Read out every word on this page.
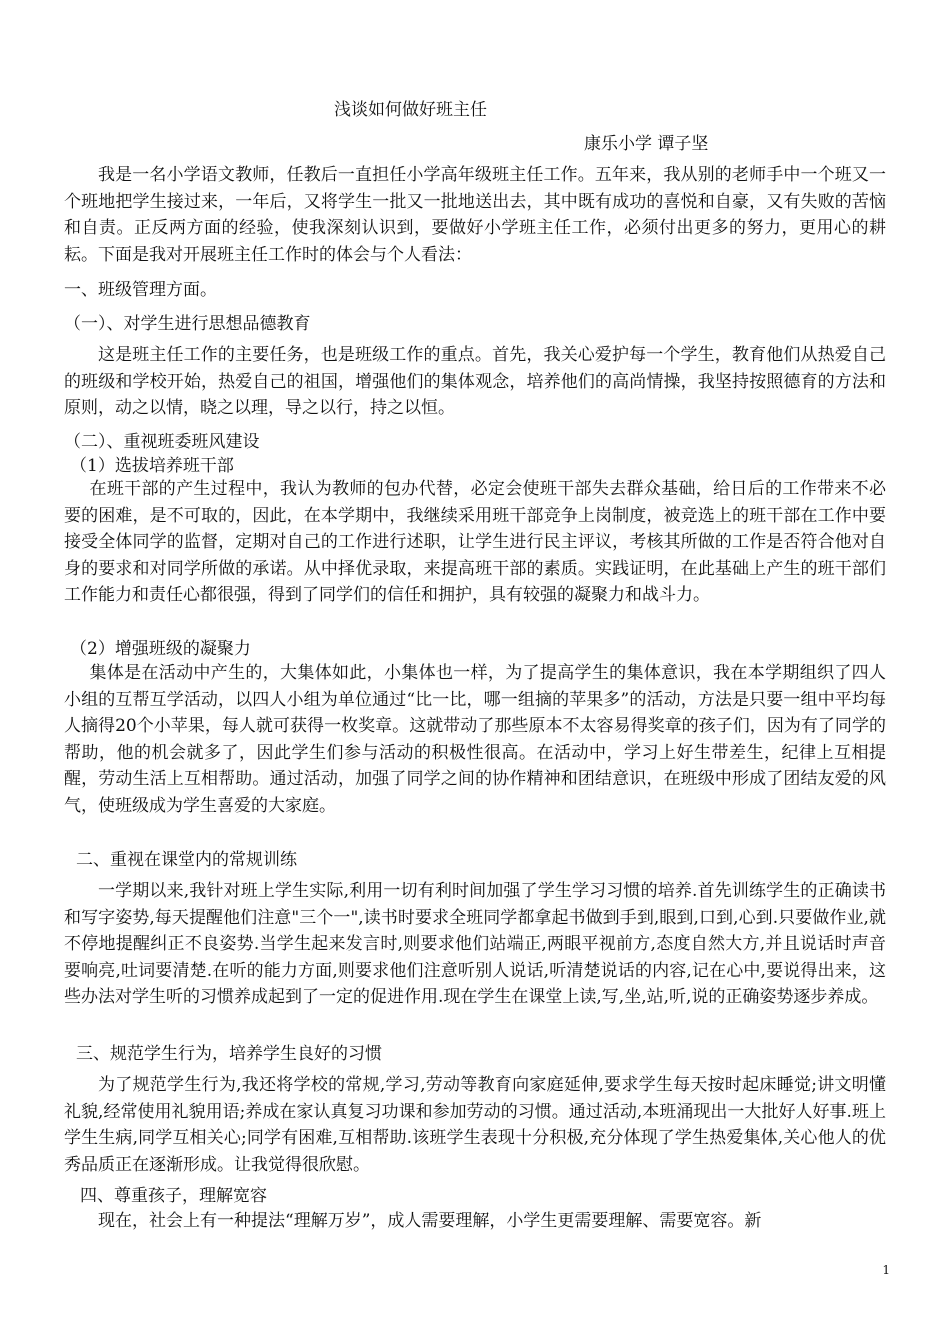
浅谈如何做好班主任
康乐小学 谭子坚

我是一名小学语文教师，任教后一直担任小学高年级班主任工作。五年来，我从别的老师手中一个班又一个班地把学生接过来，一年后，又将学生一批又一批地送出去，其中既有成功的喜悦和自豪，又有失败的苦恼和自责。正反两方面的经验，使我深刻认识到，要做好小学班主任工作，必须付出更多的努力，更用心的耕耘。下面是我对开展班主任工作时的体会与个人看法：

一、班级管理方面。
（一）、对学生进行思想品德教育

这是班主任工作的主要任务，也是班级工作的重点。首先，我关心爱护每一个学生，教育他们从热爱自己的班级和学校开始，热爱自己的祖国，增强他们的集体观念，培养他们的高尚情操，我坚持按照德育的方法和原则，动之以情，晓之以理，导之以行，持之以恒。

（二）、重视班委班风建设
（1）选拔培养班干部

在班干部的产生过程中，我认为教师的包办代替，必定会使班干部失去群众基础，给日后的工作带来不必要的困难，是不可取的，因此，在本学期中，我继续采用班干部竞争上岗制度，被竞选上的班干部在工作中要接受全体同学的监督，定期对自己的工作进行述职，让学生进行民主评议，考核其所做的工作是否符合他对自身的要求和对同学所做的承诺。从中择优录取，来提高班干部的素质。实践证明，在此基础上产生的班干部们工作能力和责任心都很强，得到了同学们的信任和拥护，具有较强的凝聚力和战斗力。

（2）增强班级的凝聚力

集体是在活动中产生的，大集体如此，小集体也一样，为了提高学生的集体意识，我在本学期组织了四人小组的互帮互学活动，以四人小组为单位通过“比一比，哪一组摘的苹果多”的活动，方法是只要一组中平均每人摘得20个小苹果，每人就可获得一枚奖章。这就带动了那些原本不太容易得奖章的孩子们，因为有了同学的帮助，他的机会就多了，因此学生们参与活动的积极性很高。在活动中，学习上好生带差生，纪律上互相提醒，劳动生活上互相帮助。通过活动，加强了同学之间的协作精神和团结意识，在班级中形成了团结友爱的风气，使班级成为学生喜爱的大家庭。

二、重视在课堂内的常规训练

一学期以来,我针对班上学生实际,利用一切有利时间加强了学生学习习惯的培养.首先训练学生的正确读书和写字姿势,每天提醒他们注意"三个一",读书时要求全班同学都拿起书做到手到,眼到,口到,心到.只要做作业,就不停地提醒纠正不良姿势.当学生起来发言时,则要求他们站端正,两眼平视前方,态度自然大方,并且说话时声音要响亮,吐词要清楚.在听的能力方面,则要求他们注意听别人说话,听清楚说话的内容,记在心中,要说得出来，这些办法对学生听的习惯养成起到了一定的促进作用.现在学生在课堂上读,写,坐,站,听,说的正确姿势逐步养成。

三、规范学生行为，培养学生良好的习惯

为了规范学生行为,我还将学校的常规,学习,劳动等教育向家庭延伸,要求学生每天按时起床睡觉;讲文明懂礼貌,经常使用礼貌用语;养成在家认真复习功课和参加劳动的习惯。通过活动,本班涌现出一大批好人好事.班上学生生病,同学互相关心;同学有困难,互相帮助.该班学生表现十分积极,充分体现了学生热爱集体,关心他人的优秀品质正在逐渐形成。让我觉得很欣慰。

四、尊重孩子，理解宽容

现在，社会上有一种提法“理解万岁”，成人需要理解，小学生更需要理解、需要宽容。新

1
